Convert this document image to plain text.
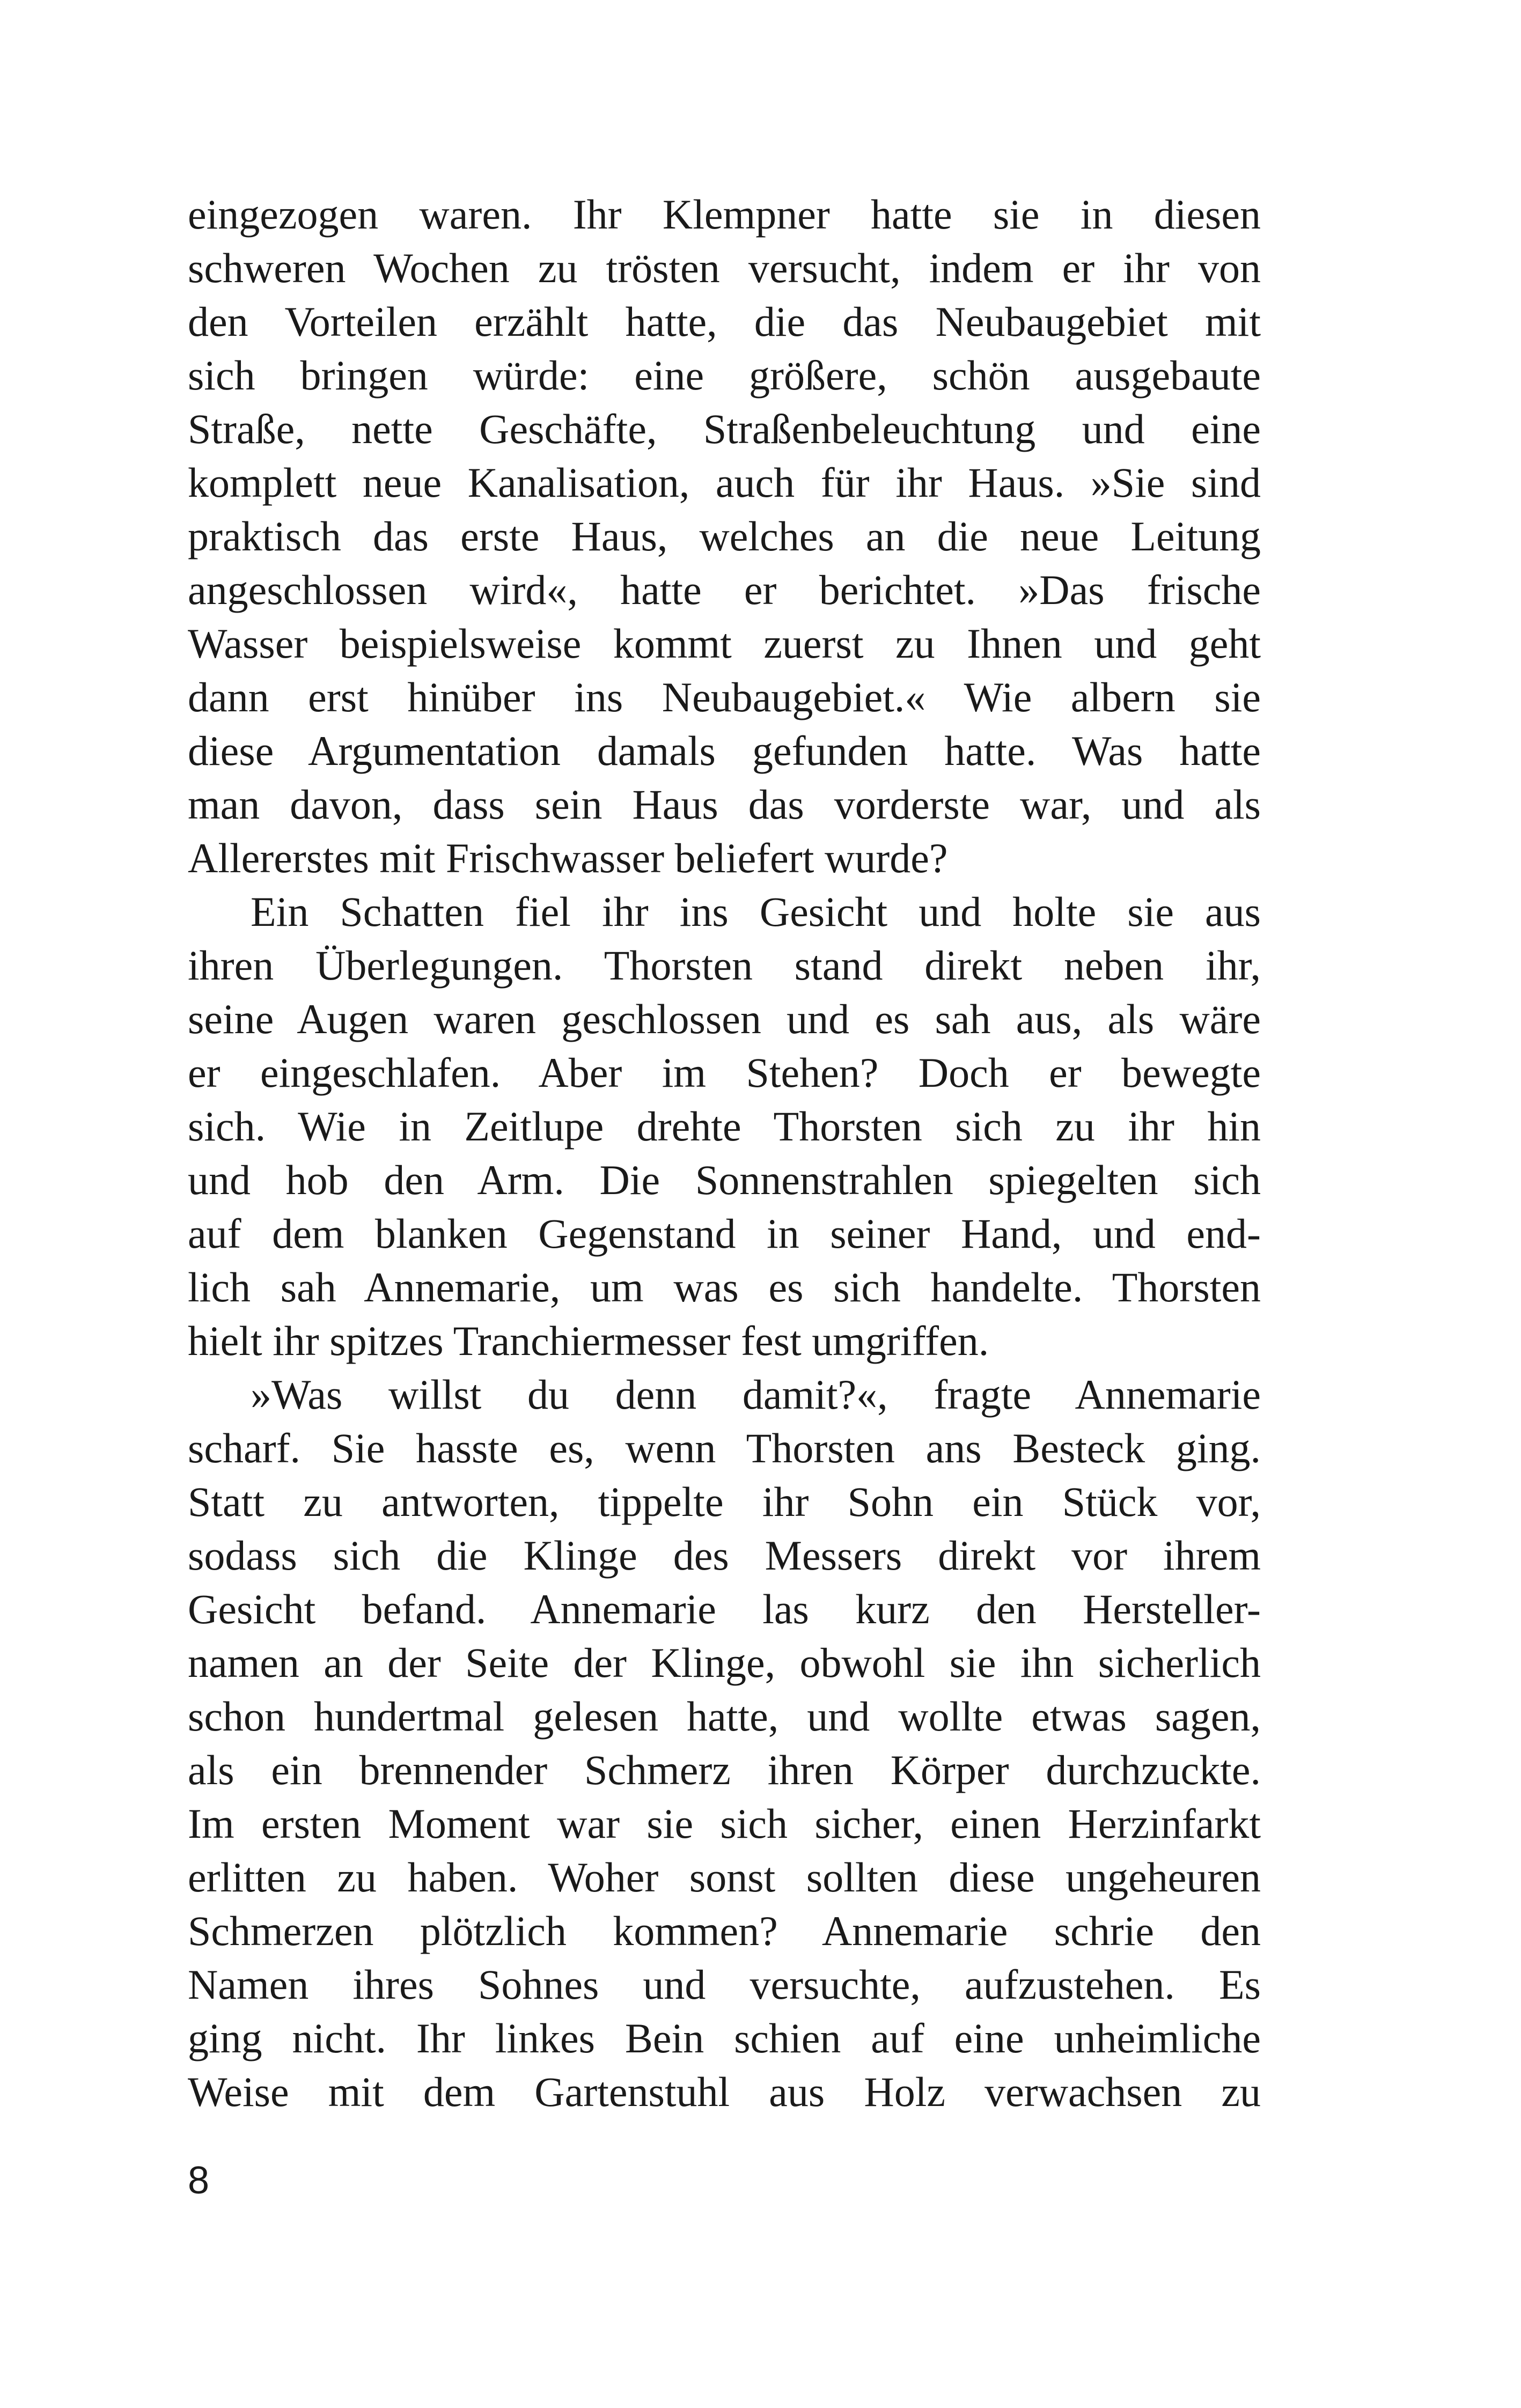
eingezogen waren. Ihr Klempner hatte sie in diesen
schweren Wochen zu trösten versucht, indem er ihr von
den Vorteilen erzählt hatte, die das Neubaugebiet mit
sich bringen würde: eine größere, schön ausgebaute
Straße, nette Geschäfte, Straßenbeleuchtung und eine
komplett neue Kanalisation, auch für ihr Haus. »Sie sind
praktisch das erste Haus, welches an die neue Leitung
angeschlossen wird«, hatte er berichtet. »Das frische
Wasser beispielsweise kommt zuerst zu Ihnen und geht
dann erst hinüber ins Neubaugebiet.« Wie albern sie
diese Argumentation damals gefunden hatte. Was hatte
man davon, dass sein Haus das vorderste war, und als
Allererstes mit Frischwasser beliefert wurde?
Ein Schatten fiel ihr ins Gesicht und holte sie aus
ihren Überlegungen. Thorsten stand direkt neben ihr,
seine Augen waren geschlossen und es sah aus, als wäre
er eingeschlafen. Aber im Stehen? Doch er bewegte
sich. Wie in Zeitlupe drehte Thorsten sich zu ihr hin
und hob den Arm. Die Sonnenstrahlen spiegelten sich
auf dem blanken Gegenstand in seiner Hand, und end-
lich sah Annemarie, um was es sich handelte. Thorsten
hielt ihr spitzes Tranchiermesser fest umgriffen.
»Was willst du denn damit?«, fragte Annemarie
scharf. Sie hasste es, wenn Thorsten ans Besteck ging.
Statt zu antworten, tippelte ihr Sohn ein Stück vor,
sodass sich die Klinge des Messers direkt vor ihrem
Gesicht befand. Annemarie las kurz den Hersteller-
namen an der Seite der Klinge, obwohl sie ihn sicherlich
schon hundertmal gelesen hatte, und wollte etwas sagen,
als ein brennender Schmerz ihren Körper durchzuckte.
Im ersten Moment war sie sich sicher, einen Herzinfarkt
erlitten zu haben. Woher sonst sollten diese ungeheuren
Schmerzen plötzlich kommen? Annemarie schrie den
Namen ihres Sohnes und versuchte, aufzustehen. Es
ging nicht. Ihr linkes Bein schien auf eine unheimliche
Weise mit dem Gartenstuhl aus Holz verwachsen zu
8
